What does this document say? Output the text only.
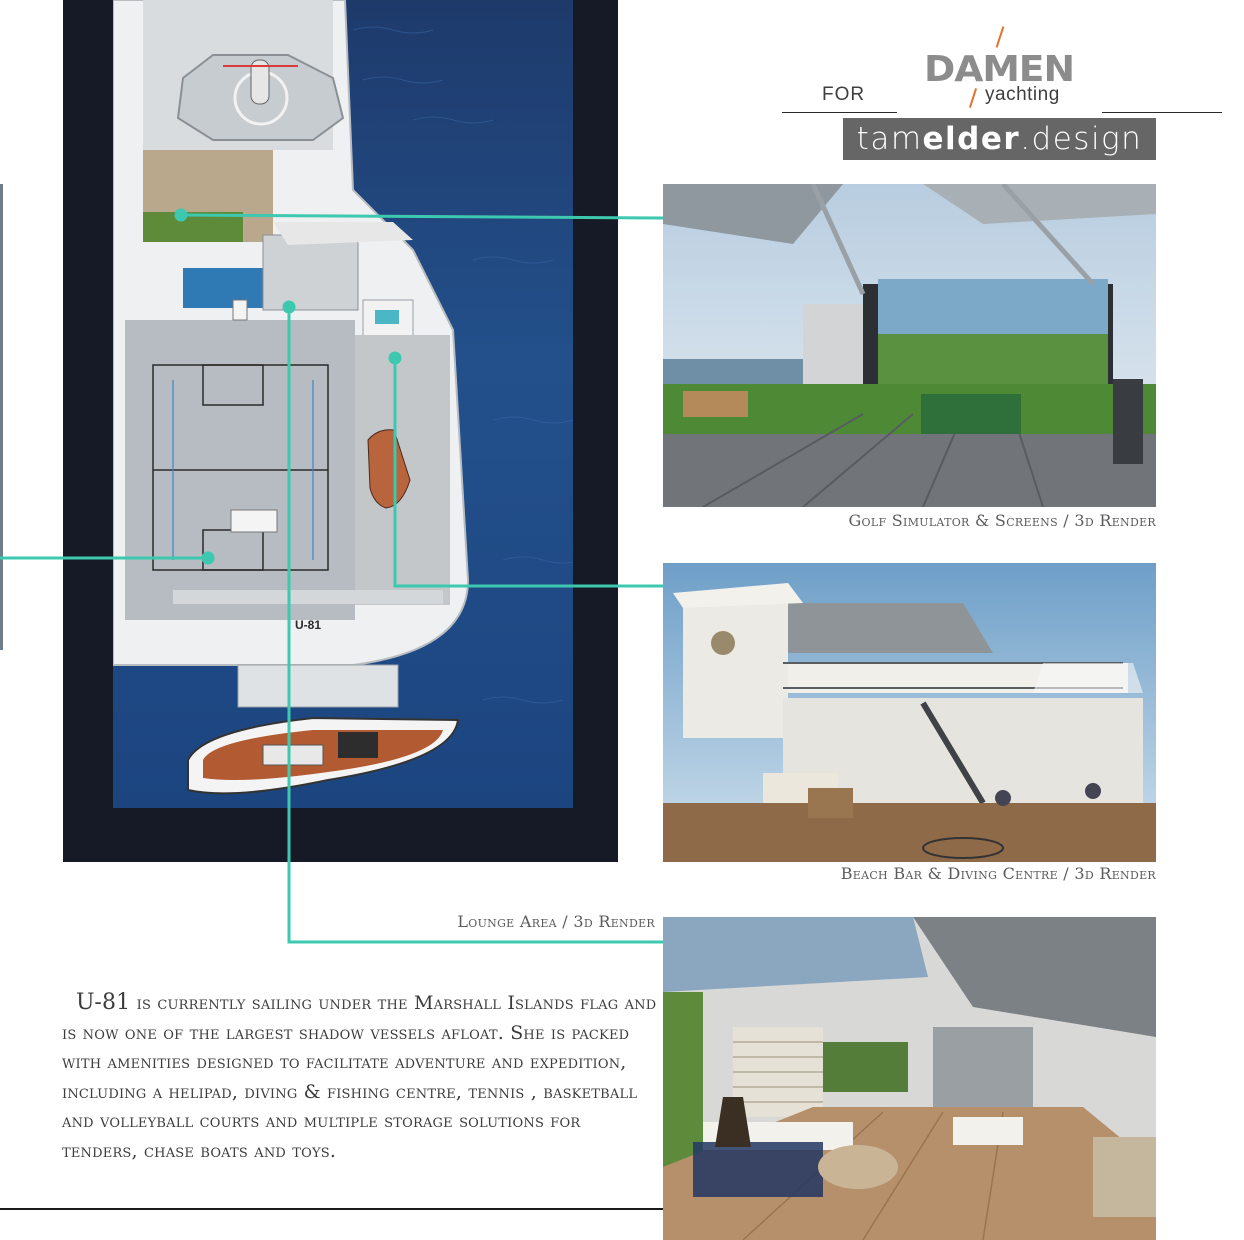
FOR
DAMEN
yachting
tamelder.design
U-81
Golf Simulator & Screens / 3d Render
Beach Bar & Diving Centre / 3d Render
Lounge Area / 3d Render
U-81 is currently sailing under the Marshall Islands flag and is now one of the largest shadow vessels afloat. She is packed with amenities designed to facilitate adventure and expedition, including a helipad, diving & fishing centre, tennis , basketball and volleyball courts and multiple storage solutions for tenders, chase boats and toys.
